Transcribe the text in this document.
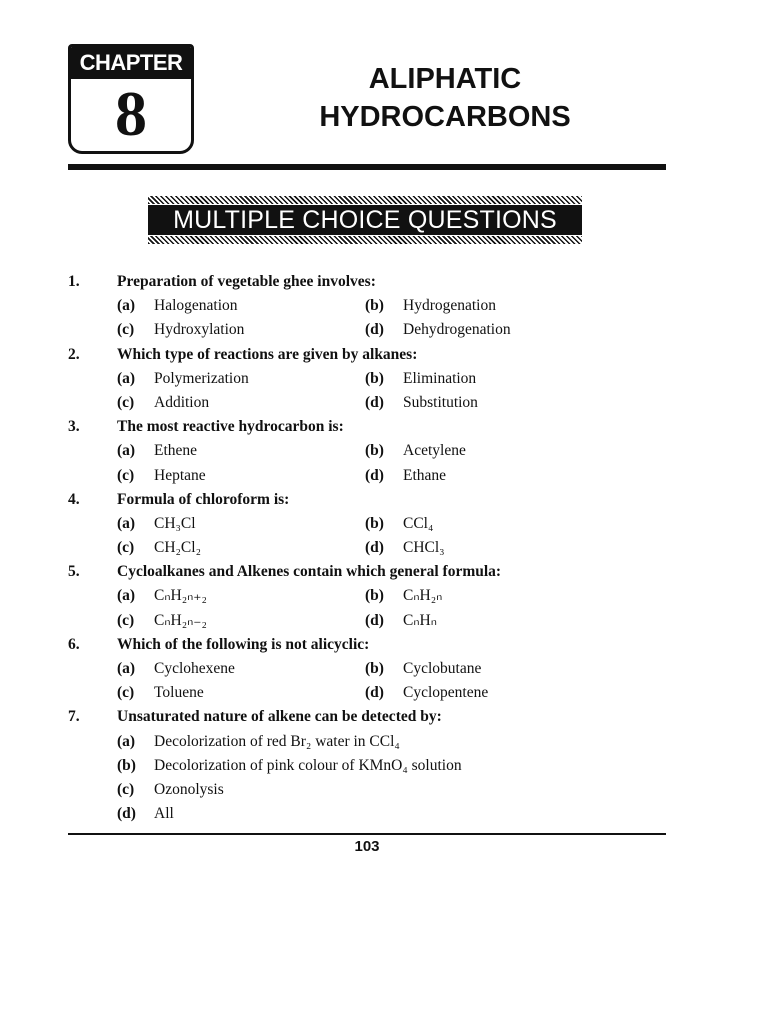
CHAPTER
8	ALIPHATIC
HYDROCARBONS
MULTIPLE CHOICE QUESTIONS
1. Preparation of vegetable ghee involves:
(a) Halogenation	(b) Hydrogenation
(c) Hydroxylation	(d) Dehydrogenation
2. Which type of reactions are given by alkanes:
(a) Polymerization	(b) Elimination
(c) Addition	(d) Substitution
3. The most reactive hydrocarbon is:
(a) Ethene	(b) Acetylene
(c) Heptane	(d) Ethane
4. Formula of chloroform is:
(a) CH₃Cl	(b) CCl₄
(c) CH₂Cl₂	(d) CHCl₃
5. Cycloalkanes and Alkenes contain which general formula:
(a) CₙH₂ₙ₊₂	(b) CₙH₂ₙ
(c) CₙH₂ₙ₋₂	(d) CₙHₙ
6. Which of the following is not alicyclic:
(a) Cyclohexene	(b) Cyclobutane
(c) Toluene	(d) Cyclopentene
7. Unsaturated nature of alkene can be detected by:
(a) Decolorization of red Br₂ water in CCl₄
(b) Decolorization of pink colour of KMnO₄ solution
(c) Ozonolysis
(d) All
103
